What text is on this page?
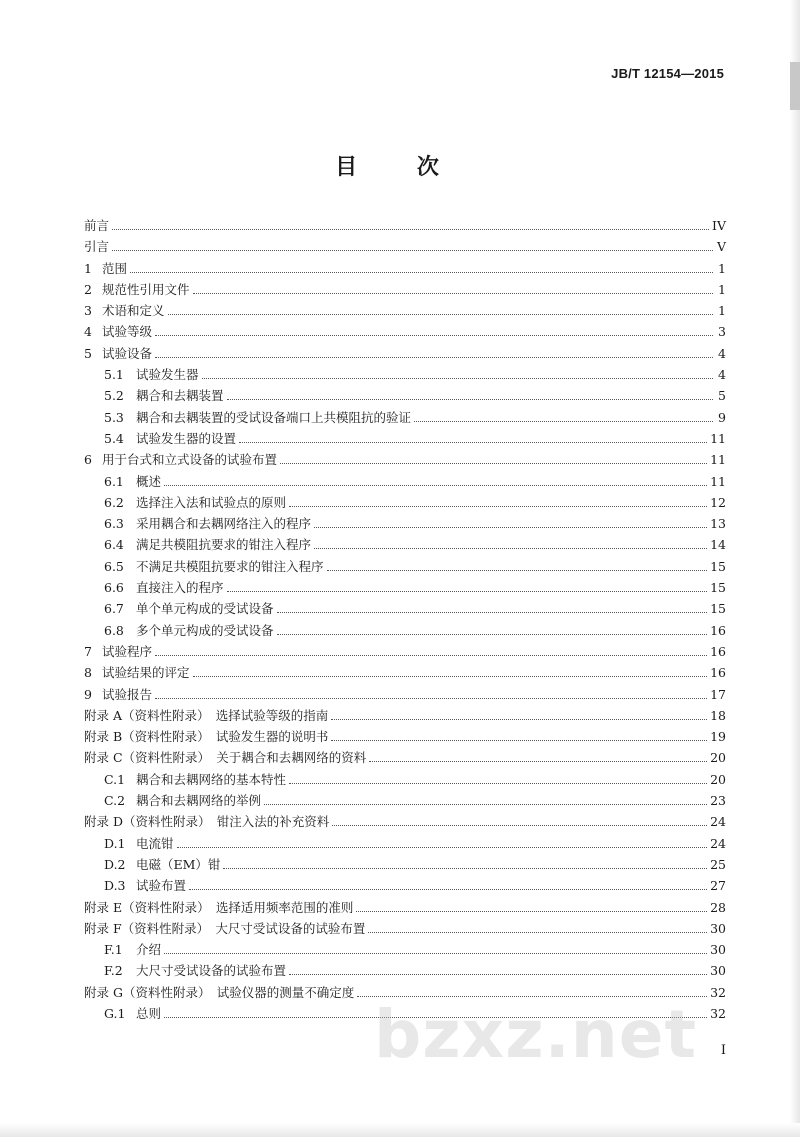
JB/T 12154—2015
目 次
前言	IV
引言	V
1 范围	1
2 规范性引用文件	1
3 术语和定义	1
4 试验等级	3
5 试验设备	4
5.1 试验发生器	4
5.2 耦合和去耦装置	5
5.3 耦合和去耦装置的受试设备端口上共模阻抗的验证	9
5.4 试验发生器的设置	11
6 用于台式和立式设备的试验布置	11
6.1 概述	11
6.2 选择注入法和试验点的原则	12
6.3 采用耦合和去耦网络注入的程序	13
6.4 满足共模阻抗要求的钳注入程序	14
6.5 不满足共模阻抗要求的钳注入程序	15
6.6 直接注入的程序	15
6.7 单个单元构成的受试设备	15
6.8 多个单元构成的受试设备	16
7 试验程序	16
8 试验结果的评定	16
9 试验报告	17
附录 A（资料性附录）　选择试验等级的指南	18
附录 B（资料性附录）　试验发生器的说明书	19
附录 C（资料性附录）　关于耦合和去耦网络的资料	20
C.1 耦合和去耦网络的基本特性	20
C.2 耦合和去耦网络的举例	23
附录 D（资料性附录）　钳注入法的补充资料	24
D.1 电流钳	24
D.2 电磁（EM）钳	25
D.3 试验布置	27
附录 E（资料性附录）　选择适用频率范围的准则	28
附录 F（资料性附录）　大尺寸受试设备的试验布置	30
F.1	介绍	30
F.2	大尺寸受试设备的试验布置	30
附录 G（资料性附录）　试验仪器的测量不确定度	32
G.1 总则	32
I
bzxz.net
